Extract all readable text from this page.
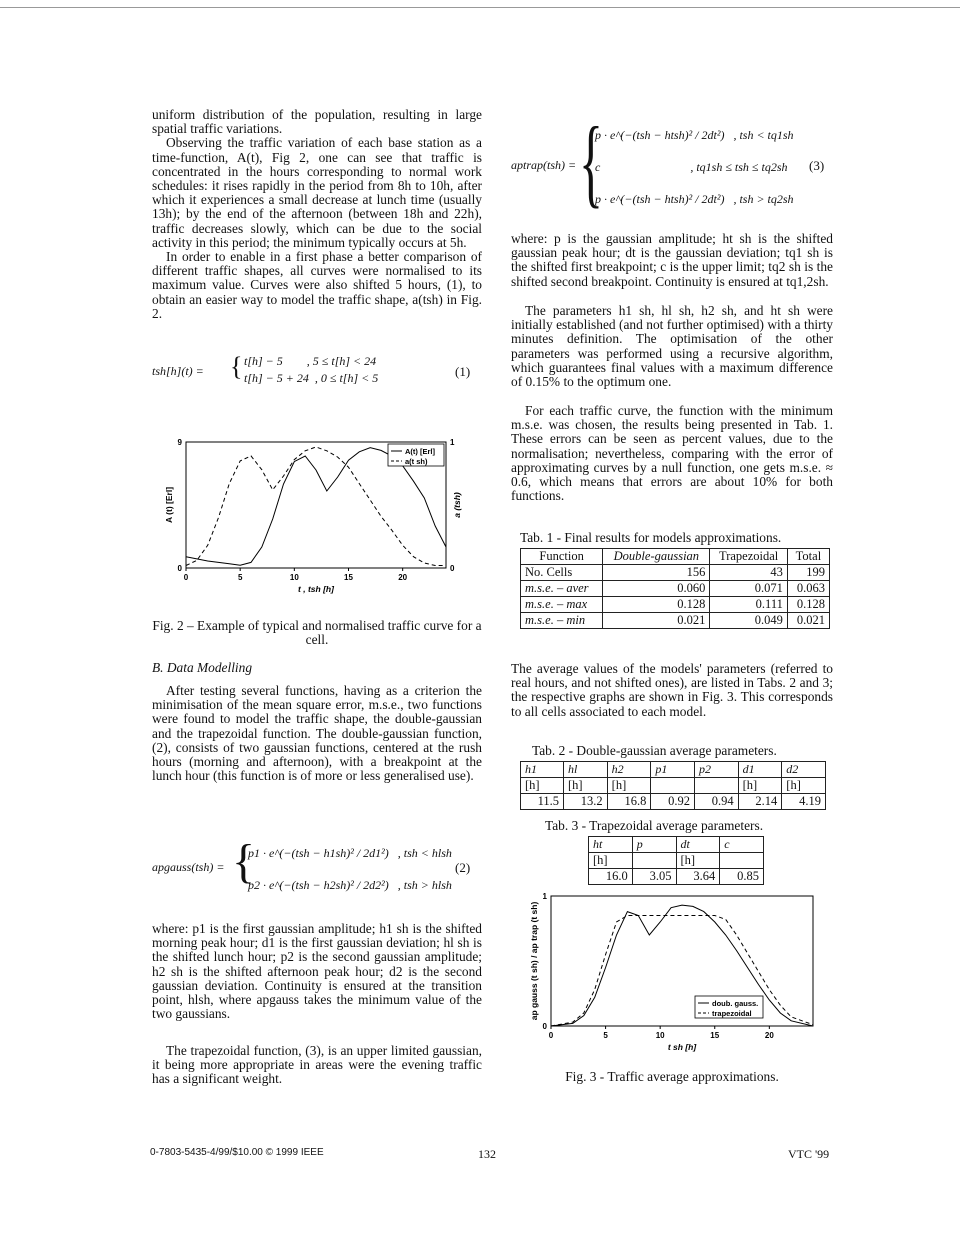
uniform distribution of the population, resulting in large spatial traffic variations.

Observing the traffic variation of each base station as a time-function, A(t), Fig 2, one can see that traffic is concentrated in the hours corresponding to normal work schedules: it rises rapidly in the period from 8h to 10h, after which it experiences a small decrease at lunch time (usually 13h); by the end of the afternoon (between 18h and 22h), traffic decreases slowly, which can be due to the social activity in this period; the minimum typically occurs at 5h.

In order to enable in a first phase a better comparison of different traffic shapes, all curves were normalised to its maximum value. Curves were also shifted 5 hours, (1), to obtain an easier way to model the traffic shape, a(tsh) in Fig. 2.

tsh[h](t) = { t[h] − 5        , 5 ≤ t[h] < 24
t[h] − 5 + 24  , 0 ≤ t[h] < 5	(1)
0	5	10	15	20
0
9
0
1
t , tsh [h]
A (t) [Erl]	a (tsh)
A(t) [Erl]
a(t sh)
Fig. 2 – Example of typical and normalised traffic curve for a cell.
B. Data Modelling
After testing several functions, having as a criterion the minimisation of the mean square error, m.s.e., two functions were found to model the traffic shape, the double-gaussian and the trapezoidal function. The double-gaussian function, (2), consists of two gaussian functions, centered at the rush hours (morning and afternoon), with a breakpoint at the lunch hour (this function is of more or less generalised use).
apgauss(tsh) = {
p1 · e^(−(tsh − h1sh)² / 2d1²)   , tsh < hlsh
p2 · e^(−(tsh − h2sh)² / 2d2²)   , tsh > hlsh
(2)
where: p1 is the first gaussian amplitude; h1 sh is the shifted morning peak hour; d1 is the first gaussian deviation; hl sh is the shifted lunch hour; p2 is the second gaussian amplitude; h2 sh is the shifted afternoon peak hour; d2 is the second gaussian deviation. Continuity is ensured at the transition point, hlsh, where apgauss takes the minimum value of the two gaussians.
The trapezoidal function, (3), is an upper limited gaussian, it being more appropriate in areas were the evening traffic has a significant weight.
aptrap(tsh) = {
p · e^(−(tsh − htsh)² / 2dt²)   , tsh < tq1sh
c                              , tq1sh ≤ tsh ≤ tq2sh
p · e^(−(tsh − htsh)² / 2dt²)   , tsh > tq2sh
(3)
where: p is the gaussian amplitude; ht sh is the shifted gaussian peak hour; dt is the gaussian deviation; tq1 sh is the shifted first breakpoint; c is the upper limit; tq2 sh is the shifted second breakpoint. Continuity is ensured at tq1,2sh.
The parameters h1 sh, hl sh, h2 sh, and ht sh were initially established (and not further optimised) with a thirty minutes definition. The optimisation of the other parameters was performed using a recursive algorithm, which guarantees final values with a maximum difference of 0.15% to the optimum one.
For each traffic curve, the function with the minimum m.s.e. was chosen, the results being presented in Tab. 1. These errors can be seen as percent values, due to the normalisation; nevertheless, comparing with the error of approximating curves by a null function, one gets m.s.e. ≈ 0.6, which means that errors are about 10% for both functions.
Tab. 1 - Final results for models approximations.
Function	Double-gaussian	Trapezoidal	Total
No. Cells	156	43	199
m.s.e. – aver	0.060	0.071	0.063
m.s.e. – max	0.128	0.111	0.128
m.s.e. – min	0.021	0.049	0.021
The average values of the models' parameters (referred to real hours, and not shifted ones), are listed in Tabs. 2 and 3; the respective graphs are shown in Fig. 3. This corresponds to all cells associated to each model.
Tab. 2 - Double-gaussian average parameters.
h1	hl	h2	p1	p2	d1	d2
[h]	[h]	[h]			[h]	[h]
11.5	13.2	16.8	0.92	0.94	2.14	4.19
Tab. 3 - Trapezoidal average parameters.
ht	p	dt	c
[h]		[h]	
16.0	3.05	3.64	0.85
0	5	10	15	20
0
1
t sh [h]
ap gauss (t sh) / ap trap (t sh)	doub. gauss.
trapezoidal
Fig. 3 - Traffic average approximations.
0-7803-5435-4/99/$10.00 © 1999 IEEE	132	VTC '99
